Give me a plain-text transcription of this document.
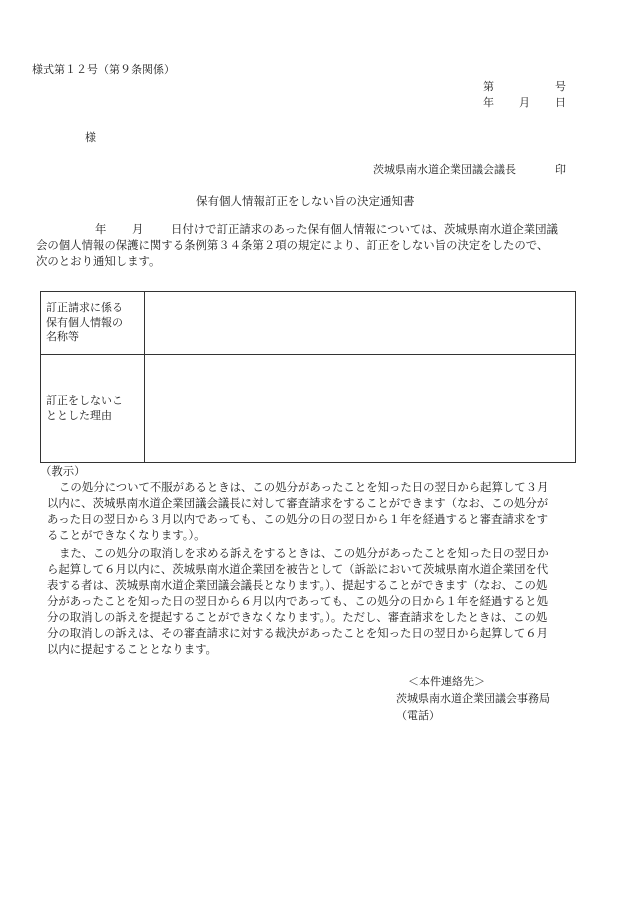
様式第１２号（第９条関係）
第	号
年 月 日
様
茨城県南水道企業団議会議長	印
保有個人情報訂正をしない旨の決定通知書
年 月 日付けで訂正請求のあった保有個人情報については、茨城県南水道企業団議
会の個人情報の保護に関する条例第３４条第２項の規定により、訂正をしない旨の決定をしたので、
次のとおり通知します。
訂正請求に係る
保有個人情報の
名称等	

訂正をしないこ
ととした理由	

（教示）
この処分について不服があるときは、この処分があったことを知った日の翌日から起算して３月
以内に、茨城県南水道企業団議会議長に対して審査請求をすることができます（なお、この処分が
あった日の翌日から３月以内であっても、この処分の日の翌日から１年を経過すると審査請求をす
ることができなくなります。）。
また、この処分の取消しを求める訴えをするときは、この処分があったことを知った日の翌日か
ら起算して６月以内に、茨城県南水道企業団を被告として（訴訟において茨城県南水道企業団を代
表する者は、茨城県南水道企業団議会議長となります。）、提起することができます（なお、この処
分があったことを知った日の翌日から６月以内であっても、この処分の日から１年を経過すると処
分の取消しの訴えを提起することができなくなります。）。ただし、審査請求をしたときは、この処
分の取消しの訴えは、その審査請求に対する裁決があったことを知った日の翌日から起算して６月
以内に提起することとなります。
＜本件連絡先＞
茨城県南水道企業団議会事務局
（電話）
